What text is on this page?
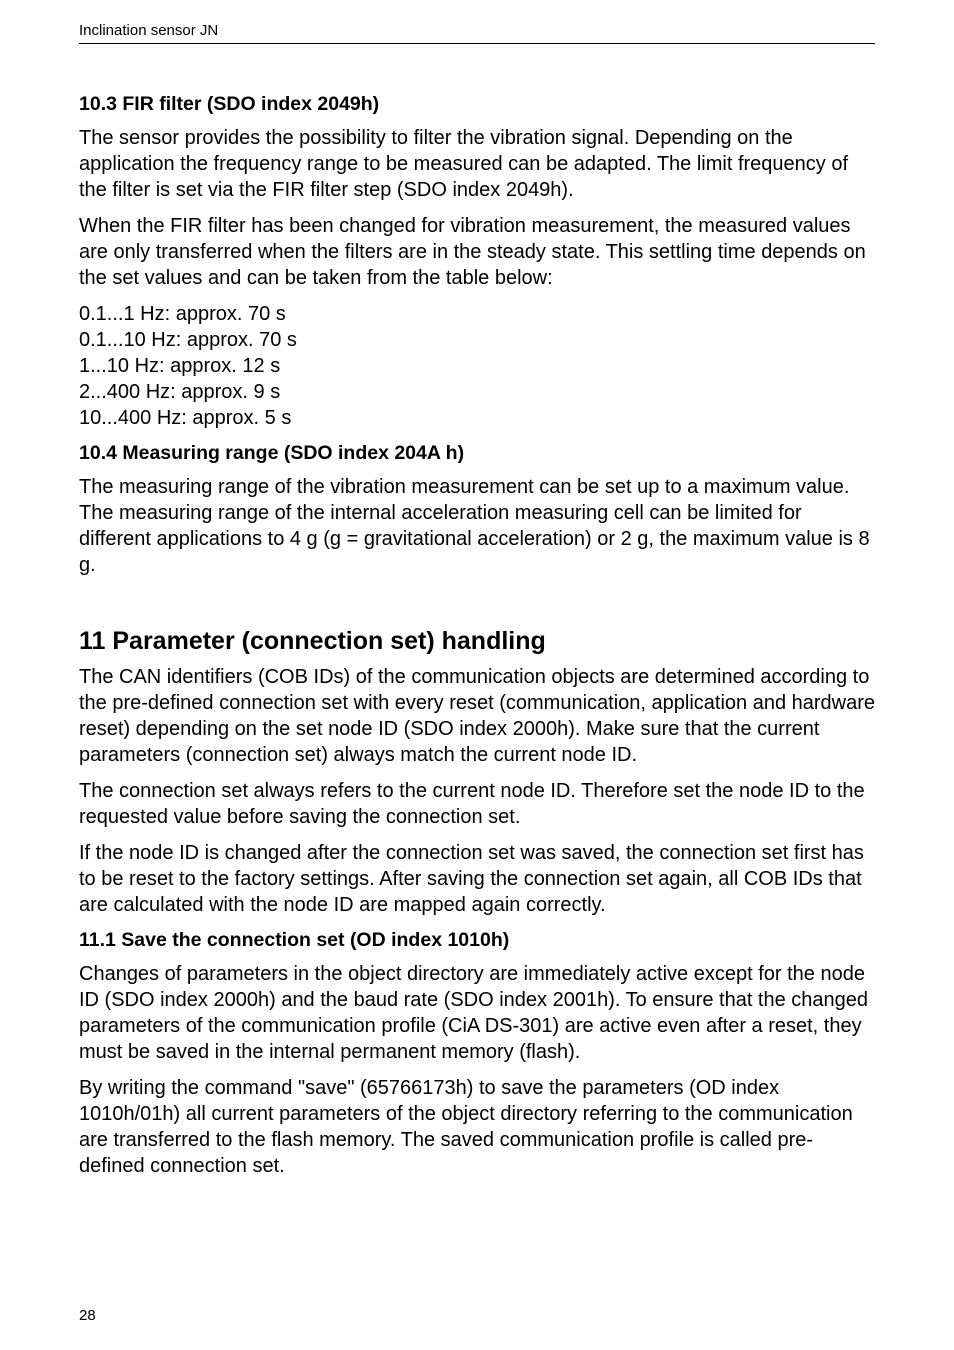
Inclination sensor JN
10.3 FIR filter (SDO index 2049h)

The sensor provides the possibility to filter the vibration signal. Depending on the application the frequency range to be measured can be adapted. The limit frequency of the filter is set via the FIR filter step (SDO index 2049h).

When the FIR filter has been changed for vibration measurement, the measured values are only transferred when the filters are in the steady state. This settling time depends on the set values and can be taken from the table below:

0.1...1 Hz: approx. 70 s
0.1...10 Hz: approx. 70 s
1...10 Hz: approx. 12 s
2...400 Hz: approx. 9 s
10...400 Hz: approx. 5 s
10.4 Measuring range (SDO index 204A h)

The measuring range of the vibration measurement can be set up to a maximum value. The measuring range of the internal acceleration measuring cell can be limited for different applications to 4 g (g = gravitational acceleration) or 2 g, the maximum value is 8 g.

11 Parameter (connection set) handling

The CAN identifiers (COB IDs) of the communication objects are determined according to the pre-defined connection set with every reset (communication, application and hardware reset) depending on the set node ID (SDO index 2000h). Make sure that the current parameters (connection set) always match the current node ID.

The connection set always refers to the current node ID. Therefore set the node ID to the requested value before saving the connection set.

If the node ID is changed after the connection set was saved, the connection set first has to be reset to the factory settings. After saving the connection set again, all COB IDs that are calculated with the node ID are mapped again correctly.

11.1 Save the connection set (OD index 1010h)

Changes of parameters in the object directory are immediately active except for the node ID (SDO index 2000h) and the baud rate (SDO index 2001h). To ensure that the changed parameters of the communication profile (CiA DS-301) are active even after a reset, they must be saved in the internal permanent memory (flash).

By writing the command "save" (65766173h) to save the parameters (OD index 1010h/01h) all current parameters of the object directory referring to the communication are transferred to the flash memory. The saved communication profile is called pre-defined connection set.

28
